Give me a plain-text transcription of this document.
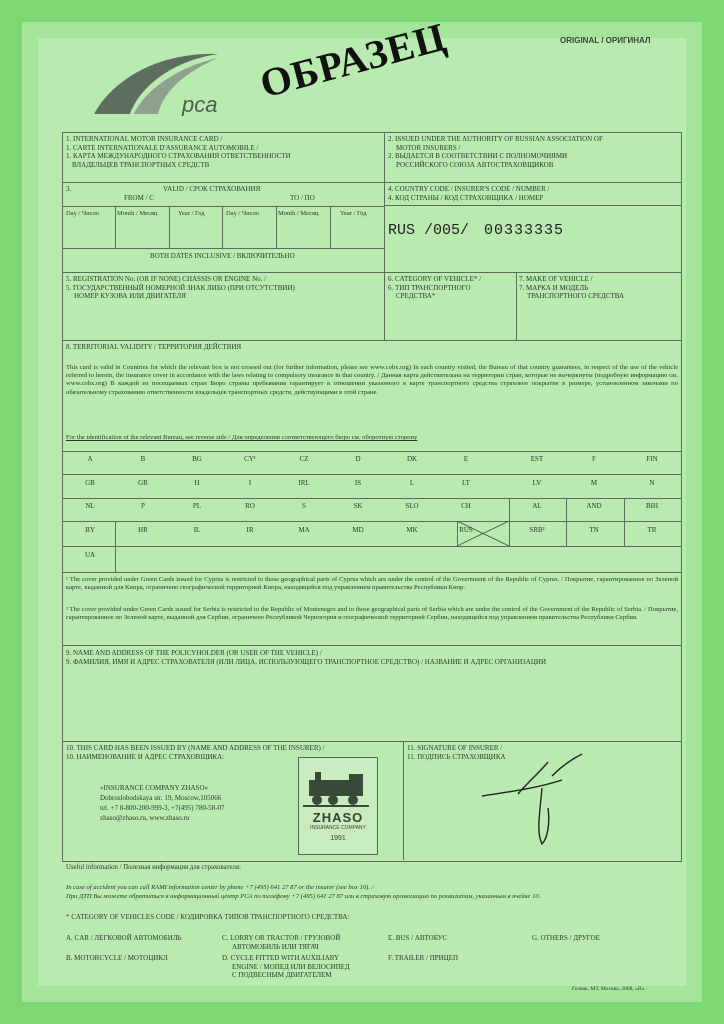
pca
ORIGINAL / ОРИГИНАЛ
ОБРАЗЕЦ
1. INTERNATIONAL MOTOR INSURANCE CARD /
1. CARTE INTERNATIONALE D'ASSURANCE AUTOMOBILE /
1. КАРТА МЕЖДУНАРОДНОГО СТРАХОВАНИЯ ОТВЕТСТВЕННОСТИ
ВЛАДЕЛЬЦЕВ ТРАНСПОРТНЫХ СРЕДСТВ
2. ISSUED UNDER THE AUTHORITY OF RUSSIAN ASSOCIATION OF
MOTOR INSURERS /
2. ВЫДАЕТСЯ В СООТВЕТСТВИИ С ПОЛНОМОЧИЯМИ
РОССИЙСКОГО СОЮЗА АВТОСТРАХОВЩИКОВ
3.	VALID / СРОК СТРАХОВАНИЯ
FROM / С	TO / ПО
Day / Число	Month / Месяц	Year / Год	Day / Число	Month / Месяц	Year / Год
BOTH DATES INCLUSIVE / ВКЛЮЧИТЕЛЬНО
4. COUNTRY CODE / INSURER'S CODE / NUMBER /
4. КОД СТРАНЫ / КОД СТРАХОВЩИКА / НОМЕР
RUS /005/ 00333335
5. REGISTRATION No. (OR IF NONE) CHASSIS OR ENGINE No. /
5. ГОСУДАРСТВЕННЫЙ НОМЕРНОЙ ЗНАК ЛИБО (ПРИ ОТСУТСТВИИ)
НОМЕР КУЗОВА ИЛИ ДВИГАТЕЛЯ
6. CATEGORY OF VEHICLE* /
6. ТИП ТРАНСПОРТНОГО
СРЕДСТВА*
7. MAKE OF VEHICLE /
7. МАРКА И МОДЕЛЬ
ТРАНСПОРТНОГО СРЕДСТВА
8. TERRITORIAL VALIDITY / ТЕРРИТОРИЯ ДЕЙСТВИЯ
This card is valid in Countries for which the relevant box is not crossed out (for further information, please see www.cobx.org) In each country visited, the Bureau of that country guarantees, in respect of the use of the vehicle referred to herein, the insurance cover in accordance with the laws relating to compulsory insurance in that country. / Данная карта действительна на территории стран, которые не вычеркнуты (подробную информацию см. www.cobx.org) В каждой из посещаемых стран Бюро страны пребывания гарантирует в отношении указанного в карте транспортного средства страховое покрытие в размере, установленном законами по обязательному страхованию ответственности владельцев транспортных средств, действующими в этой стране.
For the identification of the relevant Bureau, see reverse side / Для определения соответствующего бюро см. оборотную сторону
A	B	BG	CY¹	CZ	D	DK	E	EST	F	FIN
GB	GR	H	I	IRL	IS	L	LT	LV	M	N
NL	P	PL	RO	S	SK	SLO	CH	AL	AND	BIH
BY	HR	IL	IR	MA	MD	MK	RUS	SRB²	TN	TR
UA
¹ The cover provided under Green Cards issued for Cyprus is restricted to those geographical parts of Cyprus which are under the control of the Government of the Republic of Cyprus. / Покрытие, гарантированное по Зеленой карте, выданной для Кипра, ограничено географической территорией Кипра, находящейся под управлением правительства Республики Кипр.
² The cover provided under Green Cards issued for Serbia is restricted to the Republic of Montenegro and to those geographical parts of Serbia which are under the control of the Government of the Republic of Serbia. / Покрытие, гарантированное по Зеленой карте, выданной для Сербии, ограничено Республикой Черногория и географической территорией Сербии, находящейся под управлением правительства Республики Сербия.
9. NAME AND ADDRESS OF THE POLICYHOLDER (OR USER OF THE VEHICLE) /
9. ФАМИЛИЯ, ИМЯ И АДРЕС СТРАХОВАТЕЛЯ (ИЛИ ЛИЦА, ИСПОЛЬЗУЮЩЕГО ТРАНСПОРТНОЕ СРЕДСТВО) / НАЗВАНИЕ И АДРЕС ОРГАНИЗАЦИИ
10. THIS CARD HAS BEEN ISSUED BY (NAME AND ADDRESS OF THE INSURER) /
10. НАИМЕНОВАНИЕ И АДРЕС СТРАХОВЩИКА:
«INSURANCE COMPANY ZHASO»
Dobroslobodskaya str. 19, Moscow,105066
tel. +7 8-800-200-999-3, +7(495) 780-58-07
zhaso@zhaso.ru, www.zhaso.ru	ZHASO
INSURANCE COMPANY
1991
11. SIGNATURE OF INSURER /
11. ПОДПИСЬ СТРАХОВЩИКА
Useful information / Полезная информация для страхователя:
In case of accident you can call RAMI information center by phone +7 (495) 641 27 87 or the insurer (see box 10). /
При ДТП Вы можете обратиться в информационный центр РСА по телефону +7 (495) 641 27 87 или в страховую организацию по реквизитам, указанным в ячейке 10.
* CATEGORY OF VEHICLES CODE / КОДИРОВКА ТИПОВ ТРАНСПОРТНОГО СРЕДСТВА:
A. CAR / ЛЕГКОВОЙ АВТОМОБИЛЬ
B. MOTORCYCLE / МОТОЦИКЛ
C. LORRY OR TRACTOR / ГРУЗОВОЙ
АВТОМОБИЛЬ ИЛИ ТЯГАЧ
D. CYCLE FITTED WITH AUXILIARY
ENGINE / МОПЕД ИЛИ ВЕЛОСИПЕД
С ПОДВЕСНЫМ ДВИГАТЕЛЕМ
E. BUS / АВТОБУС
F. TRAILER / ПРИЦЕП
G. OTHERS / ДРУГОЕ
Гознак, МТ, Москва, 2008, «В».
